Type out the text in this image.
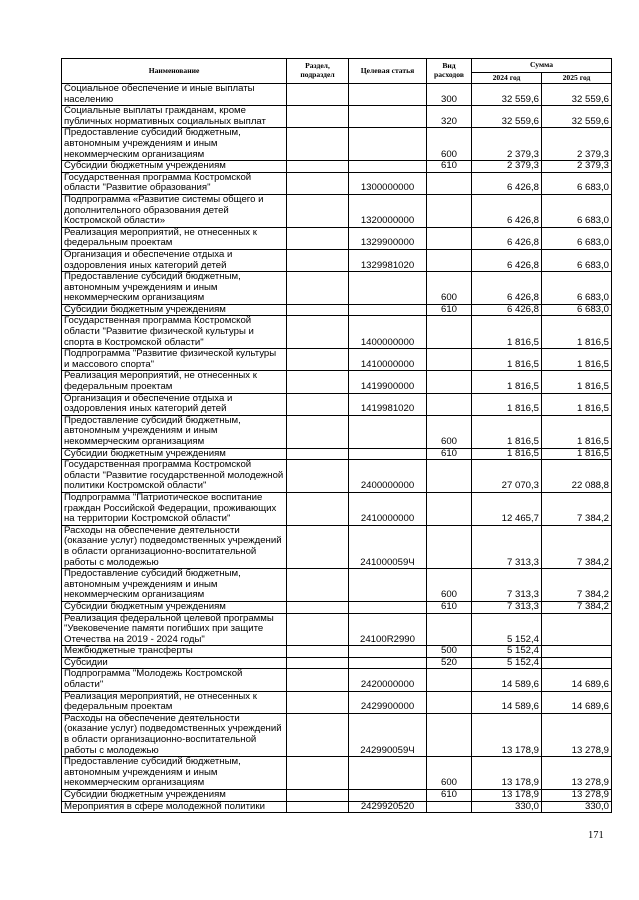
Наименование	Раздел, подраздел	Целевая статья	Вид расходов	Сумма	
				2024 год	2025 год
Социальное обеспечение и иные выплаты населению			300	32 559,6	32 559,6
Социальные выплаты гражданам, кроме публичных нормативных социальных выплат			320	32 559,6	32 559,6
Предоставление субсидий бюджетным, автономным учреждениям и иным некоммерческим организациям			600	2 379,3	2 379,3
Субсидии бюджетным учреждениям			610	2 379,3	2 379,3
Государственная программа Костромской области "Развитие образования"		1300000000		6 426,8	6 683,0
Подпрограмма «Развитие системы общего и дополнительного образования детей Костромской области»		1320000000		6 426,8	6 683,0
Реализация мероприятий, не отнесенных к федеральным проектам		1329900000		6 426,8	6 683,0
Организация и обеспечение отдыха и оздоровления иных категорий детей		1329981020		6 426,8	6 683,0
Предоставление субсидий бюджетным, автономным учреждениям и иным некоммерческим организациям			600	6 426,8	6 683,0
Субсидии бюджетным учреждениям			610	6 426,8	6 683,0
Государственная программа Костромской области "Развитие физической культуры и спорта в Костромской области"		1400000000		1 816,5	1 816,5
Подпрограмма "Развитие физической культуры и массового спорта"		1410000000		1 816,5	1 816,5
Реализация мероприятий, не отнесенных к федеральным проектам		1419900000		1 816,5	1 816,5
Организация и обеспечение отдыха и оздоровления иных категорий детей		1419981020		1 816,5	1 816,5
Предоставление субсидий бюджетным, автономным учреждениям и иным некоммерческим организациям			600	1 816,5	1 816,5
Субсидии бюджетным учреждениям			610	1 816,5	1 816,5
Государственная программа Костромской области "Развитие государственной молодежной политики Костромской области"		2400000000		27 070,3	22 088,8
Подпрограмма "Патриотическое воспитание граждан Российской Федерации, проживающих на территории Костромской области"		2410000000		12 465,7	7 384,2
Расходы на обеспечение деятельности (оказание услуг) подведомственных учреждений в области организационно-воспитательной работы с молодежью		241000059Ч		7 313,3	7 384,2
Предоставление субсидий бюджетным, автономным учреждениям и иным некоммерческим организациям			600	7 313,3	7 384,2
Субсидии бюджетным учреждениям			610	7 313,3	7 384,2
Реализация федеральной целевой программы "Увековечение памяти погибших при защите Отечества на 2019 - 2024 годы"		24100R2990		5 152,4	
Межбюджетные трансферты			500	5 152,4	
Субсидии			520	5 152,4	
Подпрограмма "Молодежь Костромской области"		2420000000		14 589,6	14 689,6
Реализация мероприятий, не отнесенных к федеральным проектам		2429900000		14 589,6	14 689,6
Расходы на обеспечение деятельности (оказание услуг) подведомственных учреждений в области организационно-воспитательной работы с молодежью		242990059Ч		13 178,9	13 278,9
Предоставление субсидий бюджетным, автономным учреждениям и иным некоммерческим организациям			600	13 178,9	13 278,9
Субсидии бюджетным учреждениям			610	13 178,9	13 278,9
Мероприятия в сфере молодежной политики		2429920520		330,0	330,0
171
